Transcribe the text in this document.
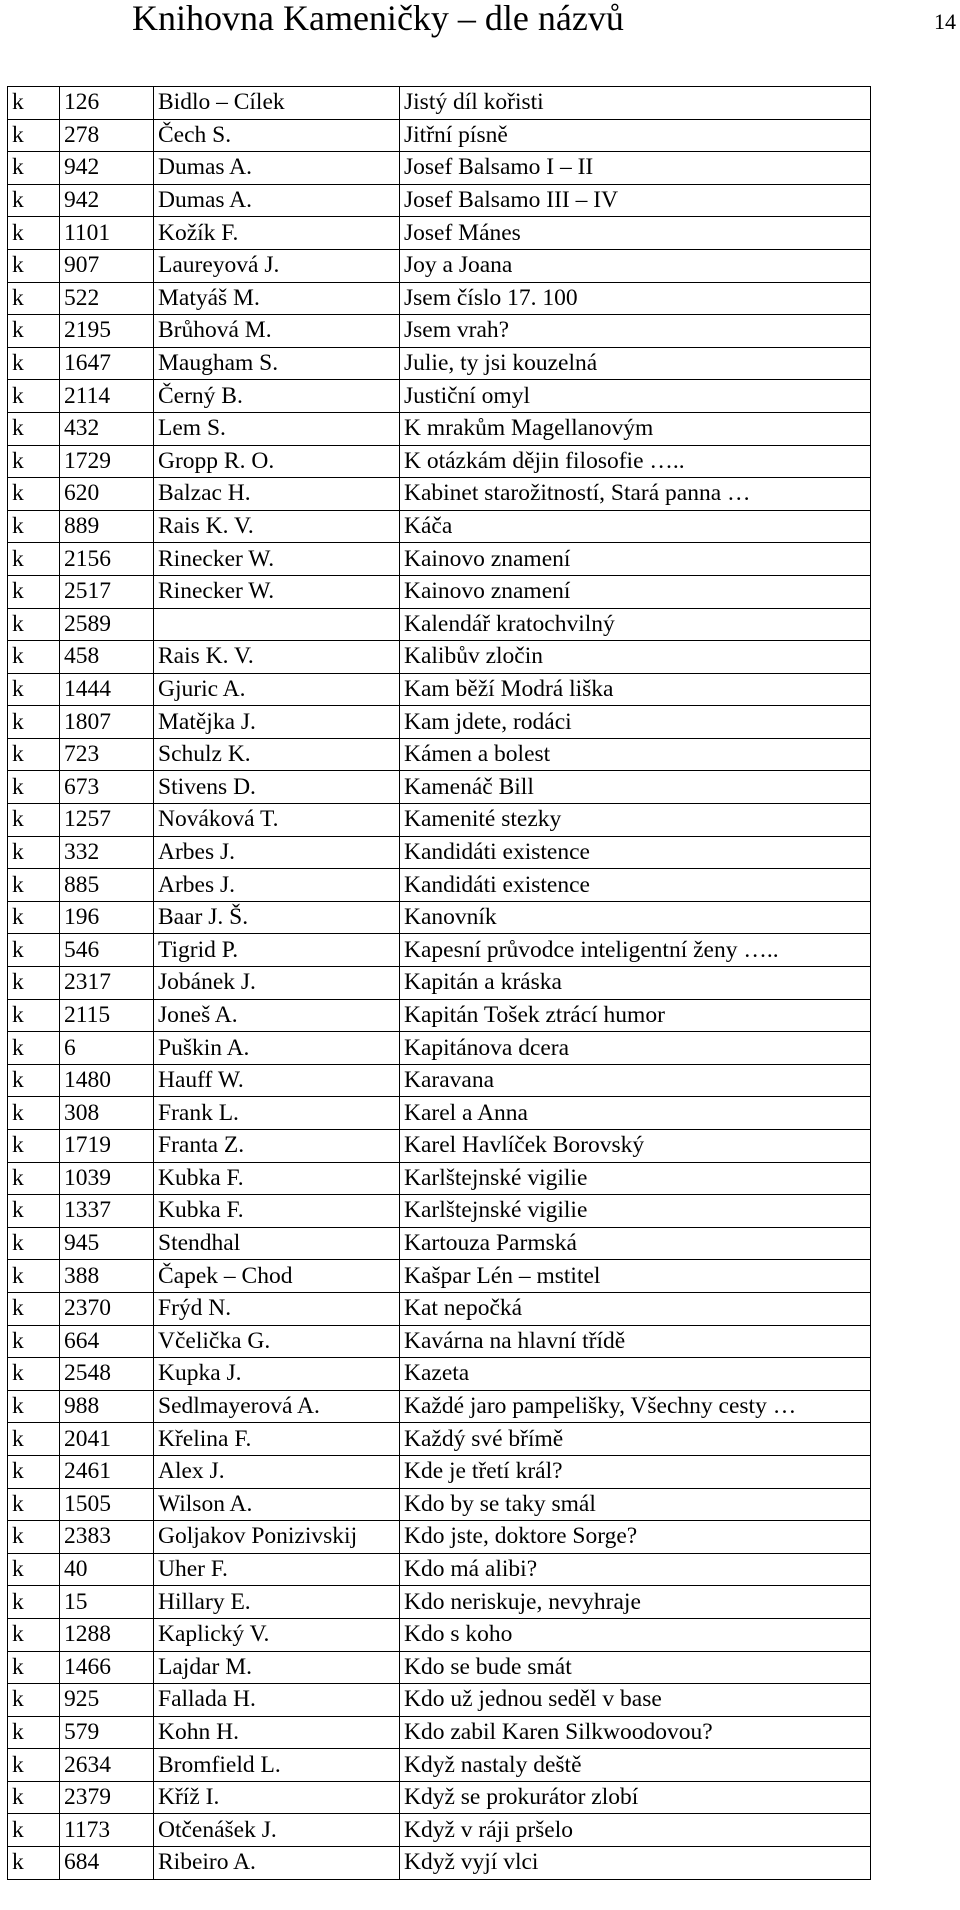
Knihovna Kameničky – dle názvů	14
k	126	Bidlo – Cílek	Jistý díl kořisti
k	278	Čech S.	Jitřní písně
k	942	Dumas A.	Josef Balsamo I – II
k	942	Dumas A.	Josef Balsamo III – IV
k	1101	Kožík F.	Josef Mánes
k	907	Laureyová J.	Joy a Joana
k	522	Matyáš M.	Jsem číslo 17. 100
k	2195	Brůhová M.	Jsem vrah?
k	1647	Maugham S.	Julie, ty jsi kouzelná
k	2114	Černý B.	Justiční omyl
k	432	Lem S.	K mrakům Magellanovým
k	1729	Gropp R. O.	K otázkám dějin filosofie …..
k	620	Balzac H.	Kabinet starožitností, Stará panna …
k	889	Rais K. V.	Káča
k	2156	Rinecker W.	Kainovo znamení
k	2517	Rinecker W.	Kainovo znamení
k	2589		Kalendář kratochvilný
k	458	Rais K. V.	Kalibův zločin
k	1444	Gjuric A.	Kam běží Modrá liška
k	1807	Matějka J.	Kam jdete, rodáci
k	723	Schulz K.	Kámen a bolest
k	673	Stivens D.	Kamenáč Bill
k	1257	Nováková T.	Kamenité stezky
k	332	Arbes J.	Kandidáti existence
k	885	Arbes J.	Kandidáti existence
k	196	Baar J. Š.	Kanovník
k	546	Tigrid P.	Kapesní průvodce inteligentní ženy …..
k	2317	Jobánek J.	Kapitán a kráska
k	2115	Joneš A.	Kapitán Tošek ztrácí humor
k	6	Puškin A.	Kapitánova dcera
k	1480	Hauff W.	Karavana
k	308	Frank L.	Karel a Anna
k	1719	Franta Z.	Karel Havlíček Borovský
k	1039	Kubka F.	Karlštejnské vigilie
k	1337	Kubka F.	Karlštejnské vigilie
k	945	Stendhal	Kartouza Parmská
k	388	Čapek – Chod	Kašpar Lén – mstitel
k	2370	Frýd N.	Kat nepočká
k	664	Včelička G.	Kavárna na hlavní třídě
k	2548	Kupka J.	Kazeta
k	988	Sedlmayerová A.	Každé jaro pampelišky, Všechny cesty …
k	2041	Křelina F.	Každý své břímě
k	2461	Alex J.	Kde je třetí král?
k	1505	Wilson A.	Kdo by se taky smál
k	2383	Goljakov Ponizivskij	Kdo jste, doktore Sorge?
k	40	Uher F.	Kdo má alibi?
k	15	Hillary E.	Kdo neriskuje, nevyhraje
k	1288	Kaplický V.	Kdo s koho
k	1466	Lajdar M.	Kdo se bude smát
k	925	Fallada H.	Kdo už jednou seděl v base
k	579	Kohn H.	Kdo zabil Karen Silkwoodovou?
k	2634	Bromfield L.	Když nastaly deště
k	2379	Kříž I.	Když se prokurátor zlobí
k	1173	Otčenášek J.	Když v ráji pršelo
k	684	Ribeiro A.	Když vyjí vlci
